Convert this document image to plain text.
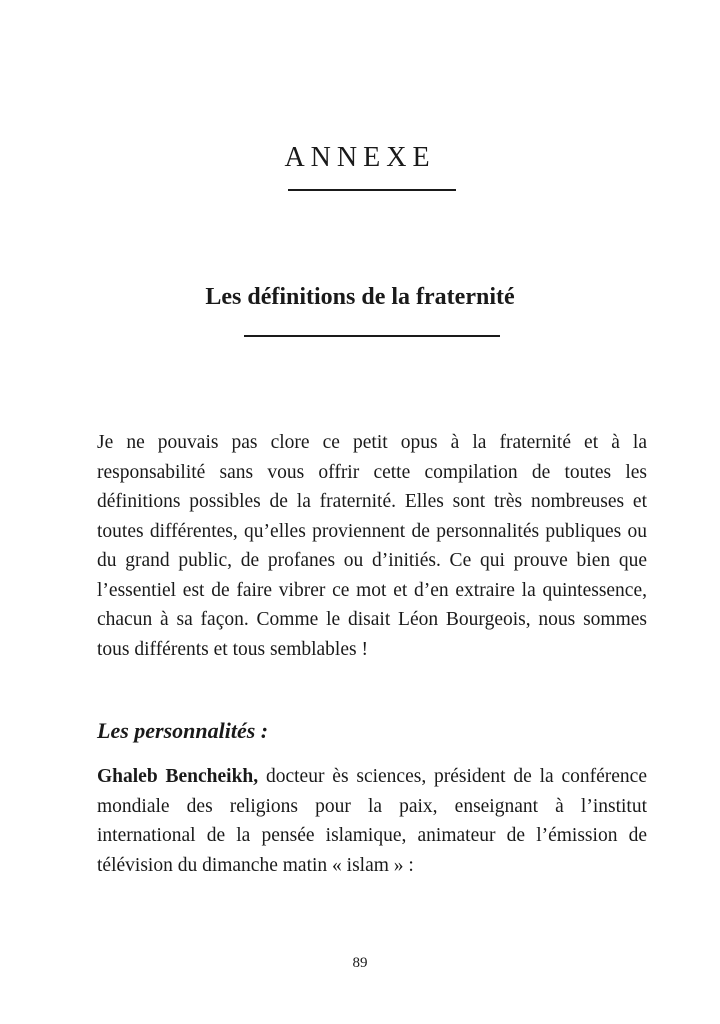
ANNEXE
Les définitions de la fraternité

Je ne pouvais pas clore ce petit opus à la fraternité et à la responsabilité sans vous offrir cette compilation de toutes les définitions possibles de la fraternité. Elles sont très nombreuses et toutes différentes, qu’elles proviennent de personnalités publiques ou du grand public, de profanes ou d’initiés. Ce qui prouve bien que l’essentiel est de faire vibrer ce mot et d’en extraire la quintessence, chacun à sa façon. Comme le disait Léon Bourgeois, nous sommes tous différents et tous semblables !

Les personnalités :

Ghaleb Bencheikh, docteur ès sciences, président de la conférence mondiale des religions pour la paix, enseignant à l’institut international de la pensée islamique, animateur de l’émission de télévision du dimanche matin « islam » :

89
